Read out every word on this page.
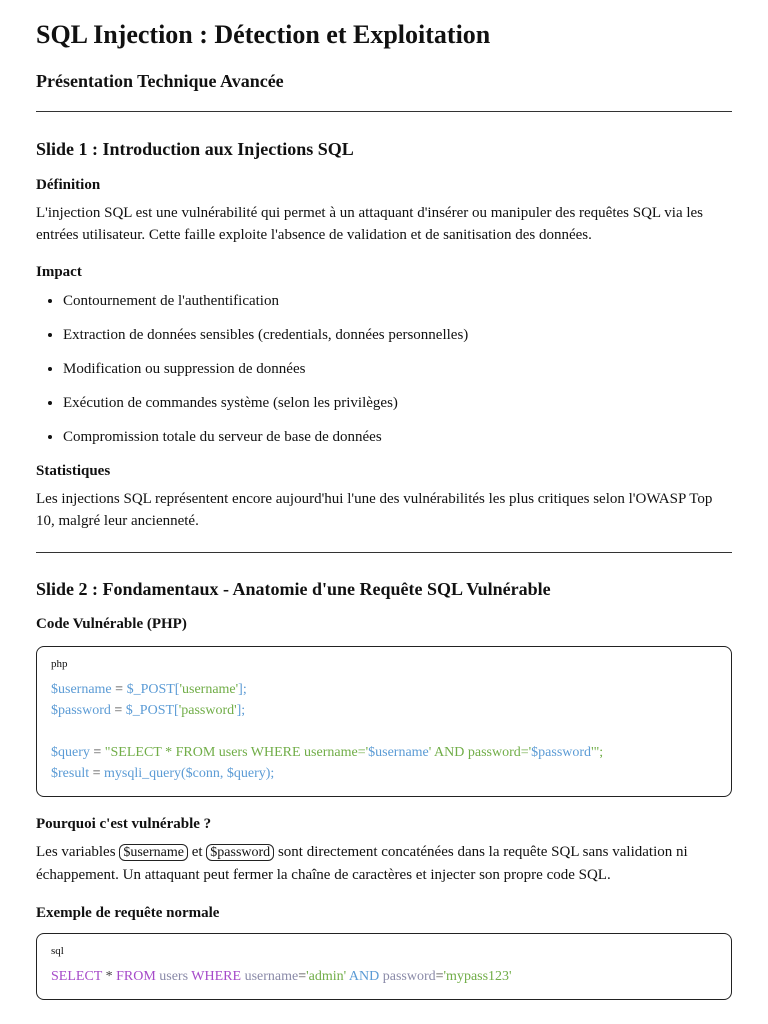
SQL Injection : Détection et Exploitation
Présentation Technique Avancée
Slide 1 : Introduction aux Injections SQL
Définition

L'injection SQL est une vulnérabilité qui permet à un attaquant d'insérer ou manipuler des requêtes SQL via les entrées utilisateur. Cette faille exploite l'absence de validation et de sanitisation des données.

Impact
• Contournement de l'authentification
• Extraction de données sensibles (credentials, données personnelles)
• Modification ou suppression de données
• Exécution de commandes système (selon les privilèges)
• Compromission totale du serveur de base de données
Statistiques

Les injections SQL représentent encore aujourd'hui l'une des vulnérabilités les plus critiques selon l'OWASP Top 10, malgré leur ancienneté.

Slide 2 : Fondamentaux - Anatomie d'une Requête SQL Vulnérable
Code Vulnérable (PHP)
php
$username = $_POST['username'];
$password = $_POST['password'];

$query = "SELECT * FROM users WHERE username='$username' AND password='$password'";
$result = mysqli_query($conn, $query);
Pourquoi c'est vulnérable ?

Les variables $username et $password sont directement concaténées dans la requête SQL sans validation ni échappement. Un attaquant peut fermer la chaîne de caractères et injecter son propre code SQL.

Exemple de requête normale
sql
SELECT * FROM users WHERE username='admin' AND password='mypass123'
